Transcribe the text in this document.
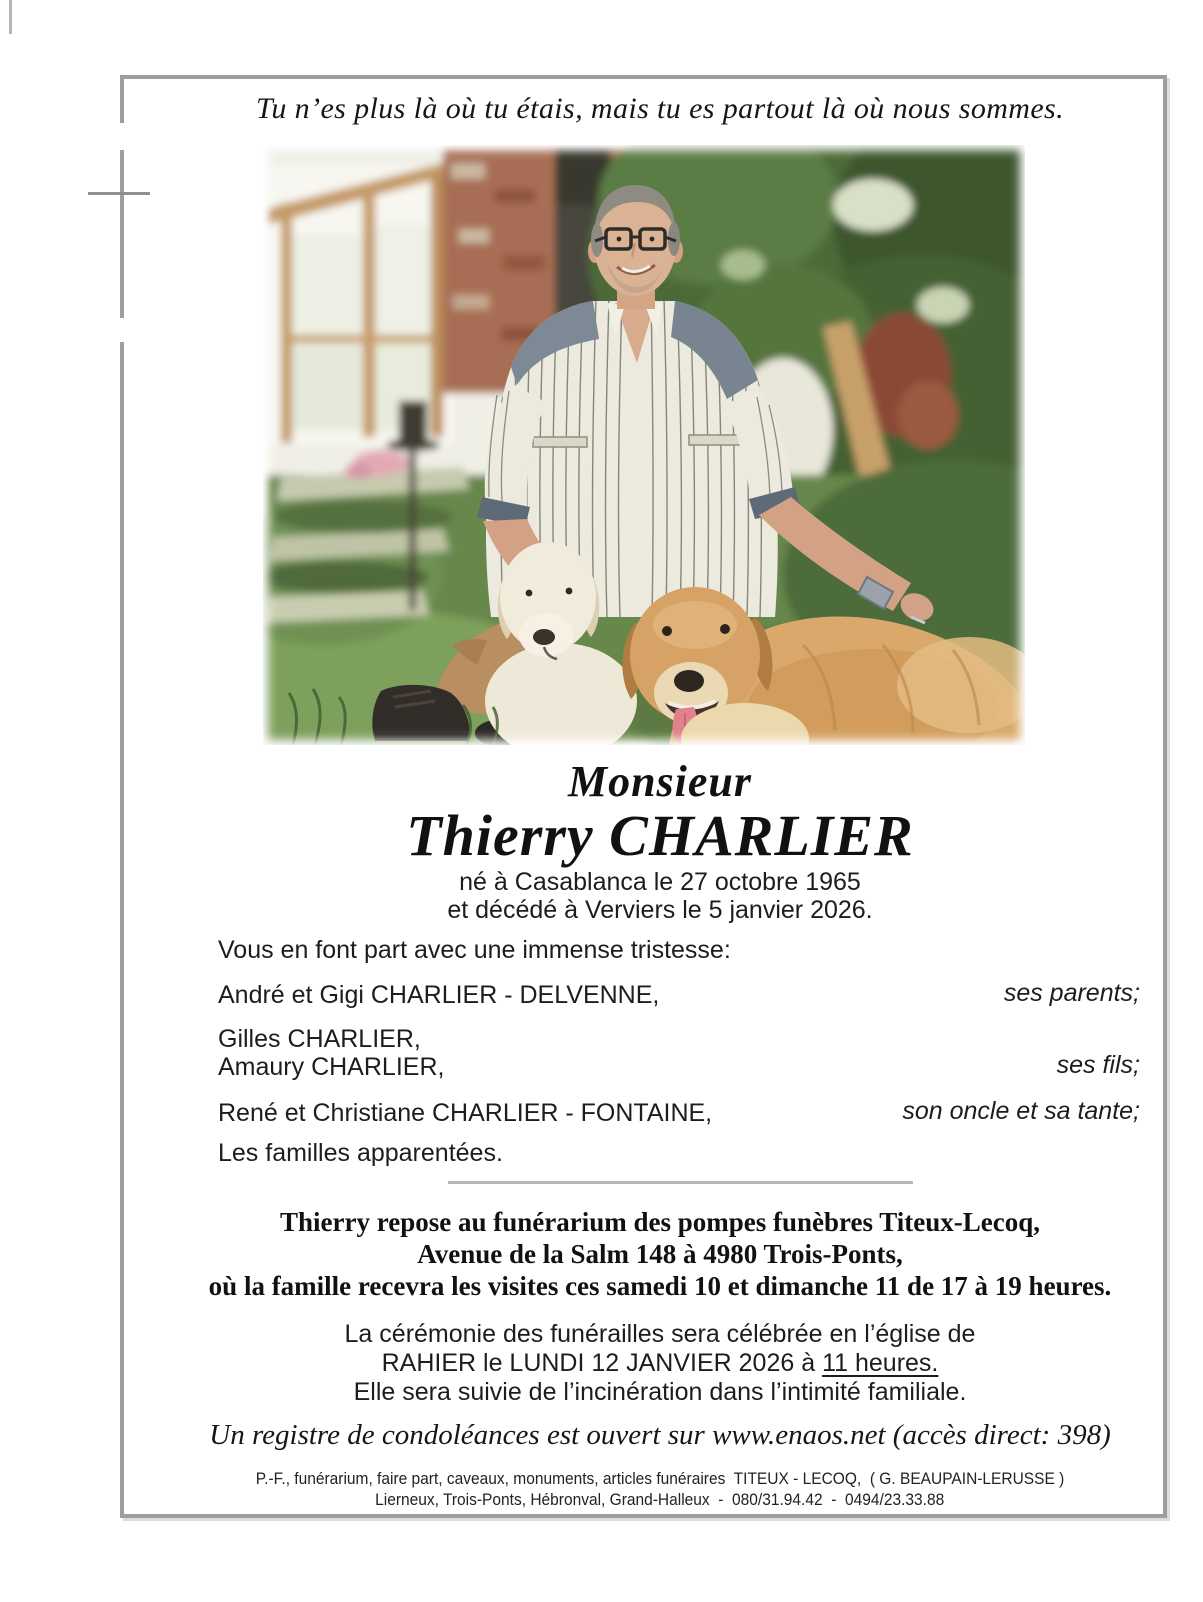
Tu n’es plus là où tu étais, mais tu es partout là où nous sommes.
Monsieur
Thierry CHARLIER
né à Casablanca le 27 octobre 1965
et décédé à Verviers le 5 janvier 2026.
Vous en font part avec une immense tristesse:
André et Gigi CHARLIER - DELVENNE,	ses parents;
Gilles CHARLIER,
Amaury CHARLIER,	ses fils;
René et Christiane CHARLIER - FONTAINE,	son oncle et sa tante;
Les familles apparentées.
Thierry repose au funérarium des pompes funèbres Titeux-Lecoq,
Avenue de la Salm 148 à 4980 Trois-Ponts,
où la famille recevra les visites ces samedi 10 et dimanche 11 de 17 à 19 heures.
La cérémonie des funérailles sera célébrée en l’église de
RAHIER le LUNDI 12 JANVIER 2026 à 11 heures.
Elle sera suivie de l’incinération dans l’intimité familiale.
Un registre de condoléances est ouvert sur www.enaos.net (accès direct: 398)
P.-F., funérarium, faire part, caveaux, monuments, articles funéraires  TITEUX - LECOQ,  ( G. BEAUPAIN-LERUSSE )
Lierneux, Trois-Ponts, Hébronval, Grand-Halleux  -  080/31.94.42  -  0494/23.33.88
